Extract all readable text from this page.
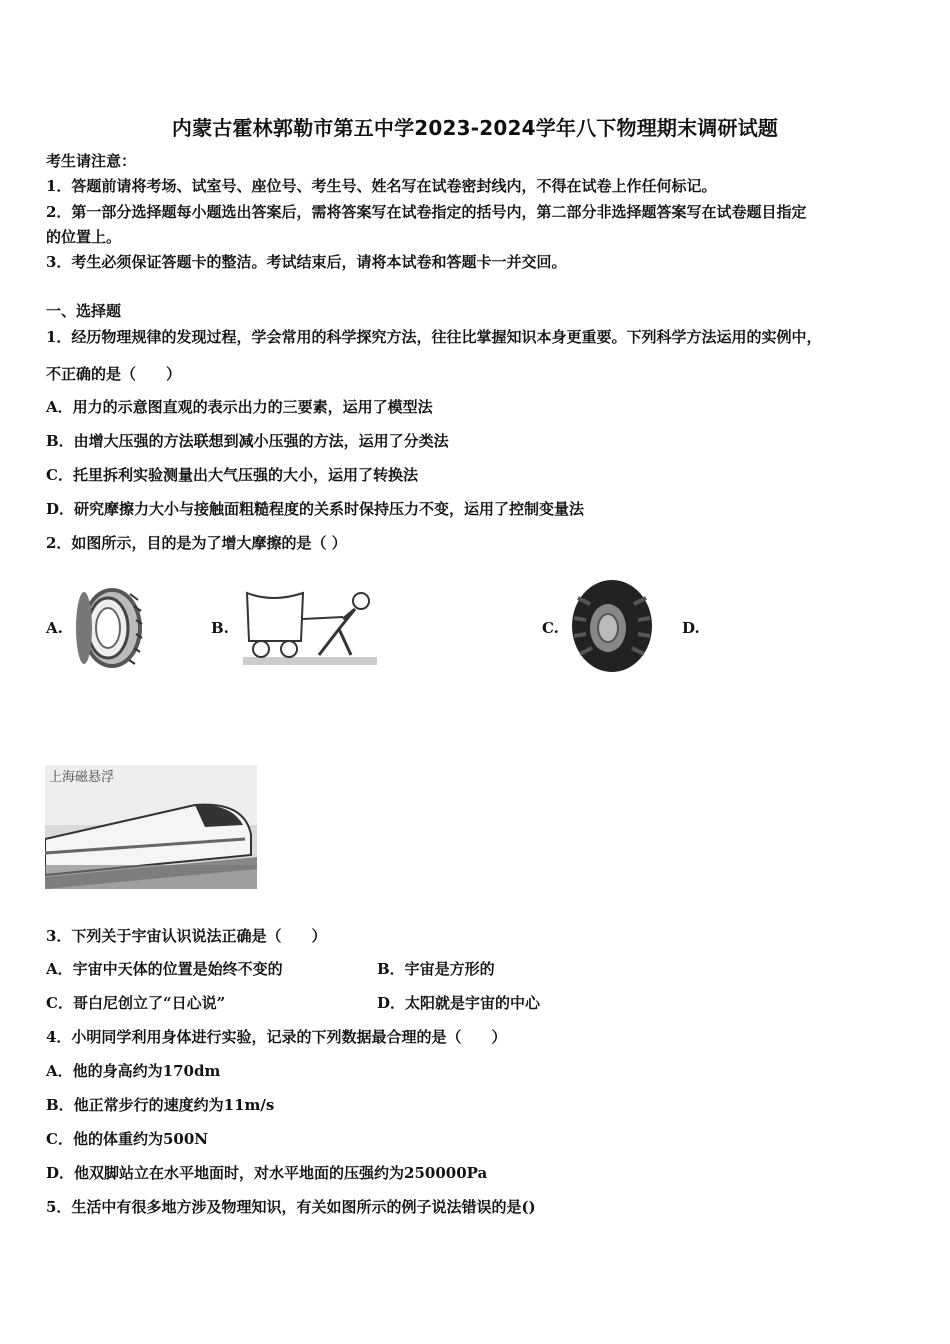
内蒙古霍林郭勒市第五中学2023-2024学年八下物理期末调研试题
考生请注意：
1．答题前请将考场、试室号、座位号、考生号、姓名写在试卷密封线内，不得在试卷上作任何标记。
2．第一部分选择题每小题选出答案后，需将答案写在试卷指定的括号内，第二部分非选择题答案写在试卷题目指定
的位置上。
3．考生必须保证答题卡的整洁。考试结束后，请将本试卷和答题卡一并交回。
一、选择题
1．经历物理规律的发现过程，学会常用的科学探究方法，往往比掌握知识本身更重要。下列科学方法运用的实例中，
不正确的是（　　）
A．用力的示意图直观的表示出力的三要素，运用了模型法
B．由增大压强的方法联想到减小压强的方法，运用了分类法
C．托里拆利实验测量出大气压强的大小，运用了转换法
D．研究摩擦力大小与接触面粗糙程度的关系时保持压力不变，运用了控制变量法
2．如图所示，目的是为了增大摩擦的是（ ）
A.	B.	C.	D.
上海磁悬浮
3．下列关于宇宙认识说法正确是（　　）
A．宇宙中天体的位置是始终不变的	B．宇宙是方形的
C．哥白尼创立了“日心说”	D．太阳就是宇宙的中心
4．小明同学利用身体进行实验，记录的下列数据最合理的是（　　）
A．他的身高约为170dm
B．他正常步行的速度约为11m/s
C．他的体重约为500N
D．他双脚站立在水平地面时，对水平地面的压强约为250000Pa
5．生活中有很多地方涉及物理知识，有关如图所示的例子说法错误的是()
